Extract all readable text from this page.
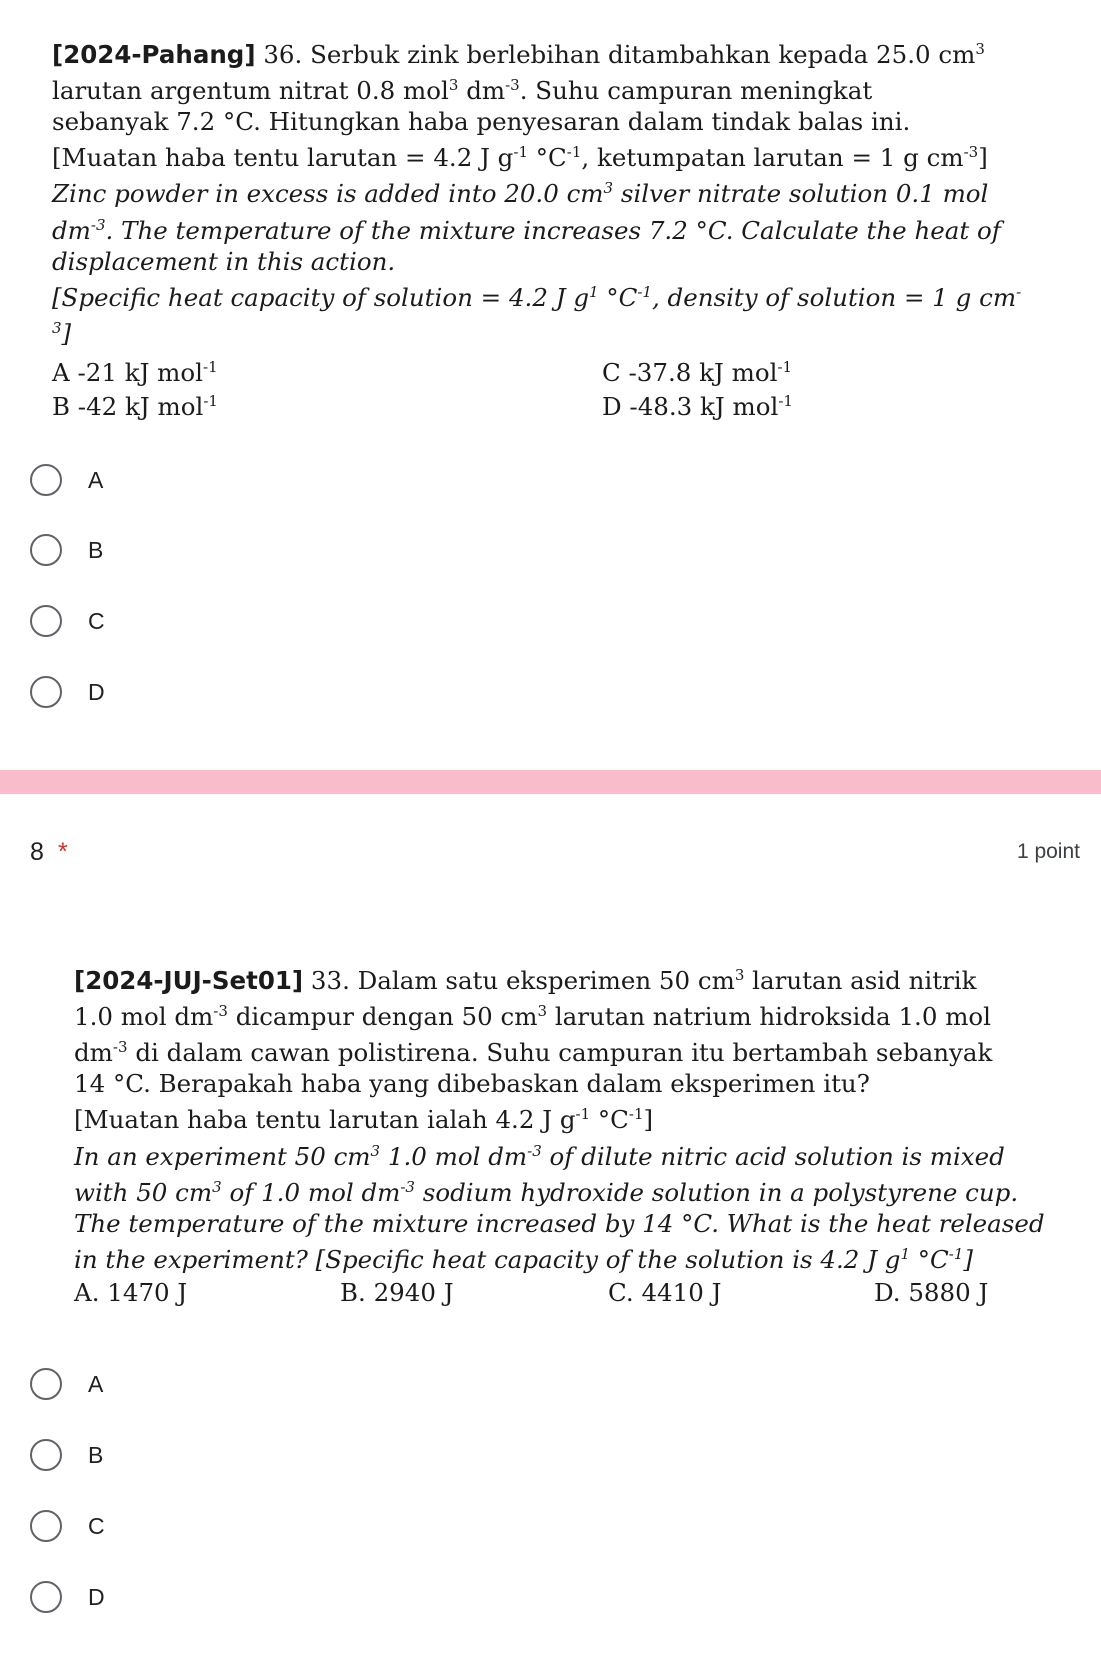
[2024-Pahang] 36. Serbuk zink berlebihan ditambahkan kepada 25.0 $cm^3$

larutan argentum nitrat 0.8 mol$^3$ $dm^{-3}$. Suhu campuran meningkat

sebanyak 7.2 °C. Hitungkan haba penyesaran dalam tindak balas ini.

[Muatan haba tentu larutan = 4.2 J $g^{-1}$ $^\circ C^{-1}$, ketumpatan larutan = 1 g $cm^{-3}$]

Zinc powder in excess is added into 20.0 $cm^3$ silver nitrate solution 0.1 mol

$dm^{-3}$. The temperature of the mixture increases 7.2 °C. Calculate the heat of

displacement in this action.

[Specific heat capacity of solution = 4.2 J $g^1$ $^\circ C^{-1}$, density of solution = 1 g cm-

$^3$]

A -21 kJ mol$^{-1}$	C -37.8 kJ mol$^{-1}$
B -42 kJ mol$^{-1}$	D -48.3 kJ mol$^{-1}$
A
B
C
D
8 *	1 point

[2024-JUJ-Set01] 33. Dalam satu eksperimen 50 $cm^3$ larutan asid nitrik

1.0 mol $dm^{-3}$ dicampur dengan 50 $cm^3$ larutan natrium hidroksida 1.0 mol

$dm^{-3}$ di dalam cawan polistirena. Suhu campuran itu bertambah sebanyak

14 °C. Berapakah haba yang dibebaskan dalam eksperimen itu?

[Muatan haba tentu larutan ialah 4.2 J $g^{-1}$ $^\circ C^{-1}$]

In an experiment 50 $cm^3$ 1.0 mol $dm^{-3}$ of dilute nitric acid solution is mixed

with 50 $cm^3$ of 1.0 mol $dm^{-3}$ sodium hydroxide solution in a polystyrene cup.

The temperature of the mixture increased by 14 °C. What is the heat released

in the experiment? [Specific heat capacity of the solution is 4.2 J $g^1$ $^\circ C^{-1}$]

A. 1470 J	B. 2940 J	C. 4410 J	D. 5880 J
A
B
C
D
